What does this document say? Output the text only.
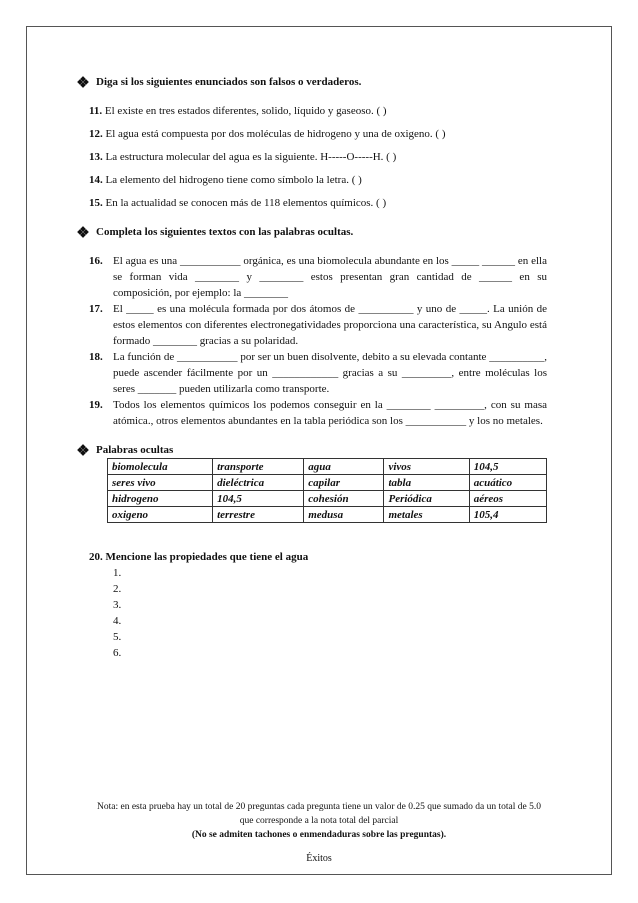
Diga si los siguientes enunciados son falsos o verdaderos.

11. El existe en tres estados diferentes, solido, líquido y gaseoso. ( )

12. El agua está compuesta por dos moléculas de hidrogeno y una de oxigeno. ( )

13. La estructura molecular del agua es la siguiente. H-----O-----H. ( )

14. La elemento del hidrogeno tiene como símbolo la letra. ( )

15. En la actualidad se conocen más de 118 elementos químicos. ( )

Completa los siguientes textos con las palabras ocultas.

16. El agua es una ___________ orgánica, es una biomolecula abundante en los _____ ______ en ella se forman vida ________ y ________ estos presentan gran cantidad de ______ en su composición, por ejemplo: la ________
17. El _____ es una molécula formada por dos átomos de __________ y uno de _____. La unión de estos elementos con diferentes electronegatividades proporciona una característica, su Angulo está formado ________ gracias a su polaridad.
18. La función de ___________ por ser un buen disolvente, debito a su elevada contante __________, puede ascender fácilmente por un ____________ gracias a su _________, entre moléculas los seres _______ pueden utilizarla como transporte.
19. Todos los elementos químicos los podemos conseguir en la ________ _________, con su masa atómica., otros elementos abundantes en la tabla periódica son los ___________ y los no metales.

Palabras ocultas

biomolecula	transporte	agua	vivos	104,5
seres vivo	dieléctrica	capilar	tabla	acuático
hidrogeno	104,5	cohesión	Periódica	aéreos
oxigeno	terrestre	medusa	metales	105,4

20. Mencione las propiedades que tiene el agua

1.
2.
3.
4.
5.
6.
Nota: en esta prueba hay un total de 20 preguntas cada pregunta tiene un valor de 0.25 que sumado da un total de 5.0 que corresponde a la nota total del parcial
(No se admiten tachones o enmendaduras sobre las preguntas).
Éxitos
